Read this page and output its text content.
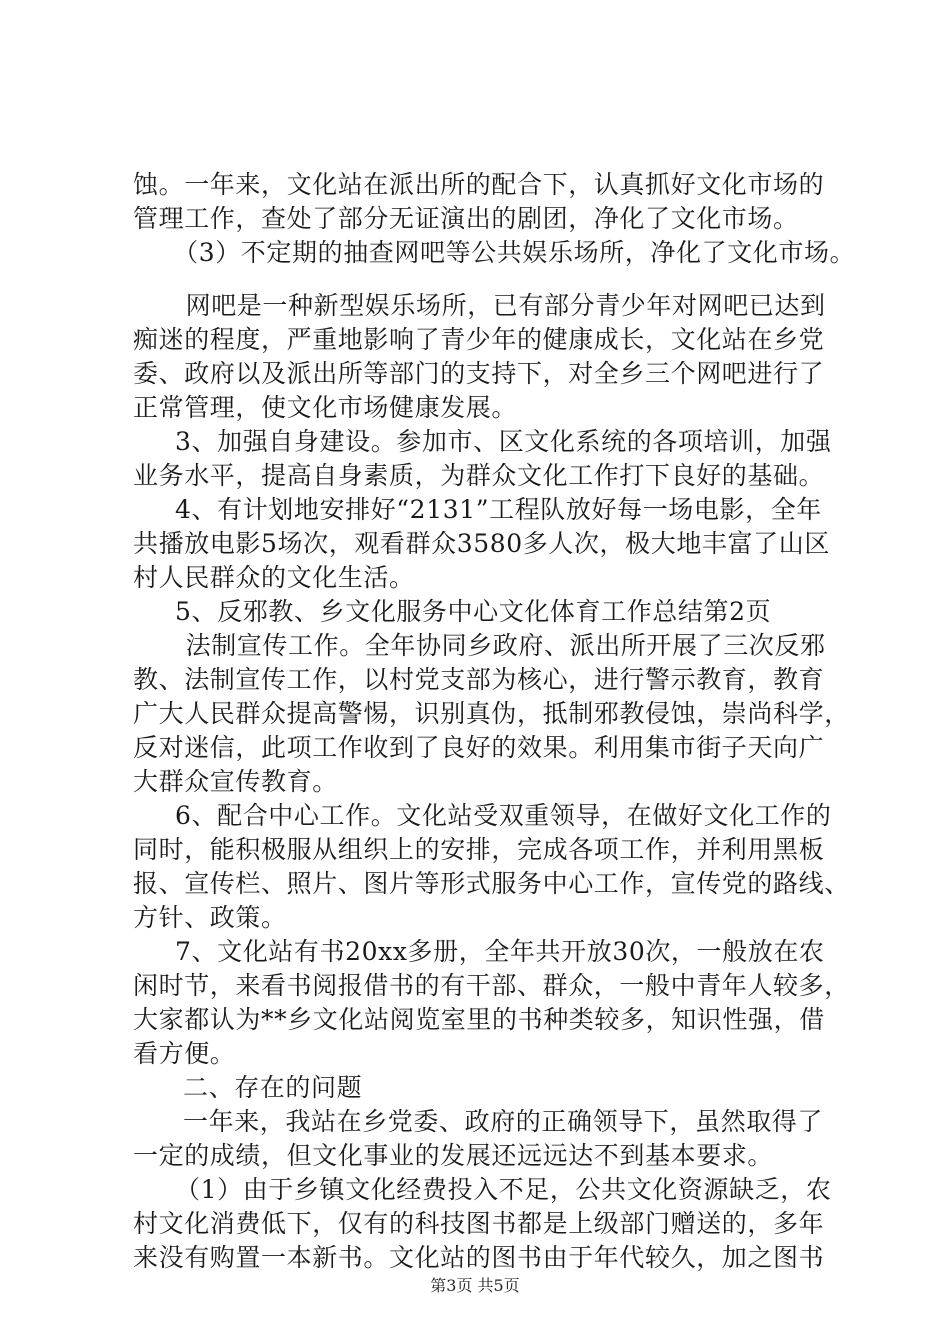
蚀。一年来，文化站在派出所的配合下，认真抓好文化市场的
管理工作，查处了部分无证演出的剧团，净化了文化市场。
　（3）不定期的抽查网吧等公共娱乐场所，净化了文化市场。
　网吧是一种新型娱乐场所，已有部分青少年对网吧已达到
痴迷的程度，严重地影响了青少年的健康成长，文化站在乡党
委、政府以及派出所等部门的支持下，对全乡三个网吧进行了
正常管理，使文化市场健康发展。
3、加强自身建设。参加市、区文化系统的各项培训，加强
业务水平，提高自身素质，为群众文化工作打下良好的基础。
4、有计划地安排好“2131”工程队放好每一场电影，全年
共播放电影5场次，观看群众3580多人次，极大地丰富了山区
村人民群众的文化生活。
5、反邪教、乡文化服务中心文化体育工作总结第2页
　法制宣传工作。全年协同乡政府、派出所开展了三次反邪
教、法制宣传工作，以村党支部为核心，进行警示教育，教育
广大人民群众提高警惕，识别真伪，抵制邪教侵蚀，崇尚科学，
反对迷信，此项工作收到了良好的效果。利用集市街子天向广
大群众宣传教育。
6、配合中心工作。文化站受双重领导，在做好文化工作的
同时，能积极服从组织上的安排，完成各项工作，并利用黑板
报、宣传栏、照片、图片等形式服务中心工作，宣传党的路线、
方针、政策。
7、文化站有书20xx多册，全年共开放30次，一般放在农
闲时节，来看书阅报借书的有干部、群众，一般中青年人较多，
大家都认为**乡文化站阅览室里的书种类较多，知识性强，借
看方便。
二、存在的问题
一年来，我站在乡党委、政府的正确领导下，虽然取得了
一定的成绩，但文化事业的发展还远远达不到基本要求。
（1）由于乡镇文化经费投入不足，公共文化资源缺乏，农
村文化消费低下，仅有的科技图书都是上级部门赠送的，多年
来没有购置一本新书。文化站的图书由于年代较久，加之图书
第3页 共5页
